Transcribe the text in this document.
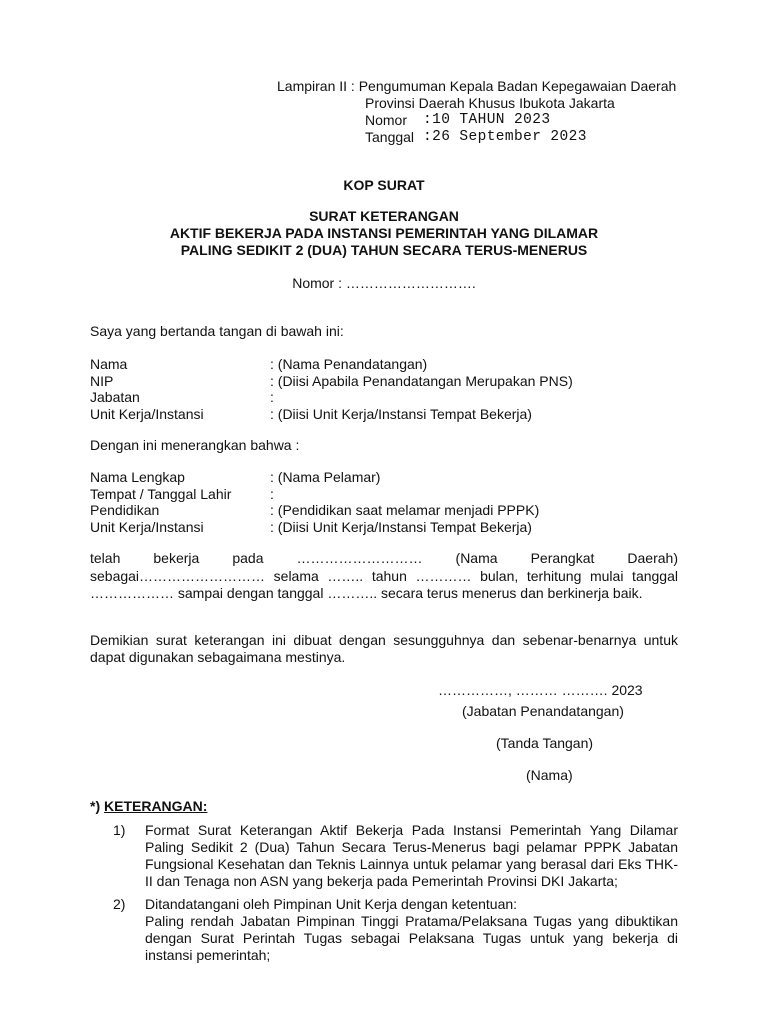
Lampiran II :
Pengumuman Kepala Badan Kepegawaian Daerah
Provinsi Daerah Khusus Ibukota Jakarta
Nomor	:10 TAHUN 2023
Tanggal :26 September 2023
KOP SURAT
SURAT KETERANGAN
AKTIF BEKERJA PADA INSTANSI PEMERINTAH YANG DILAMAR
PALING SEDIKIT 2 (DUA) TAHUN SECARA TERUS-MENERUS
Nomor : ……………………….
Saya yang bertanda tangan di bawah ini:
Nama	: (Nama Penandatangan)
NIP	: (Diisi Apabila Penandatangan Merupakan PNS)
Jabatan	:
Unit Kerja/Instansi	: (Diisi Unit Kerja/Instansi Tempat Bekerja)
Dengan ini menerangkan bahwa :
Nama Lengkap	: (Nama Pelamar)
Tempat / Tanggal Lahir	:
Pendidikan	: (Pendidikan saat melamar menjadi PPPK)
Unit Kerja/Instansi	: (Diisi Unit Kerja/Instansi Tempat Bekerja)
telah bekerja pada ……………………… (Nama Perangkat Daerah) sebagai……………………… selama …….. tahun ………… bulan, terhitung mulai tanggal ……………… sampai dengan tanggal ……….. secara terus menerus dan berkinerja baik.
Demikian surat keterangan ini dibuat dengan sesungguhnya dan sebenar-benarnya untuk dapat digunakan sebagaimana mestinya.
……………, ……… ………. 2023
(Jabatan Penandatangan)
(Tanda Tangan)
(Nama)
*) KETERANGAN:
1)	Format Surat Keterangan Aktif Bekerja Pada Instansi Pemerintah Yang Dilamar Paling Sedikit 2 (Dua) Tahun Secara Terus-Menerus bagi pelamar PPPK Jabatan Fungsional Kesehatan dan Teknis Lainnya untuk pelamar yang berasal dari Eks THK-II dan Tenaga non ASN yang bekerja pada Pemerintah Provinsi DKI Jakarta;
2)	Ditandatangani oleh Pimpinan Unit Kerja dengan ketentuan:
Paling rendah Jabatan Pimpinan Tinggi Pratama/Pelaksana Tugas yang dibuktikan dengan Surat Perintah Tugas sebagai Pelaksana Tugas untuk yang bekerja di instansi pemerintah;
